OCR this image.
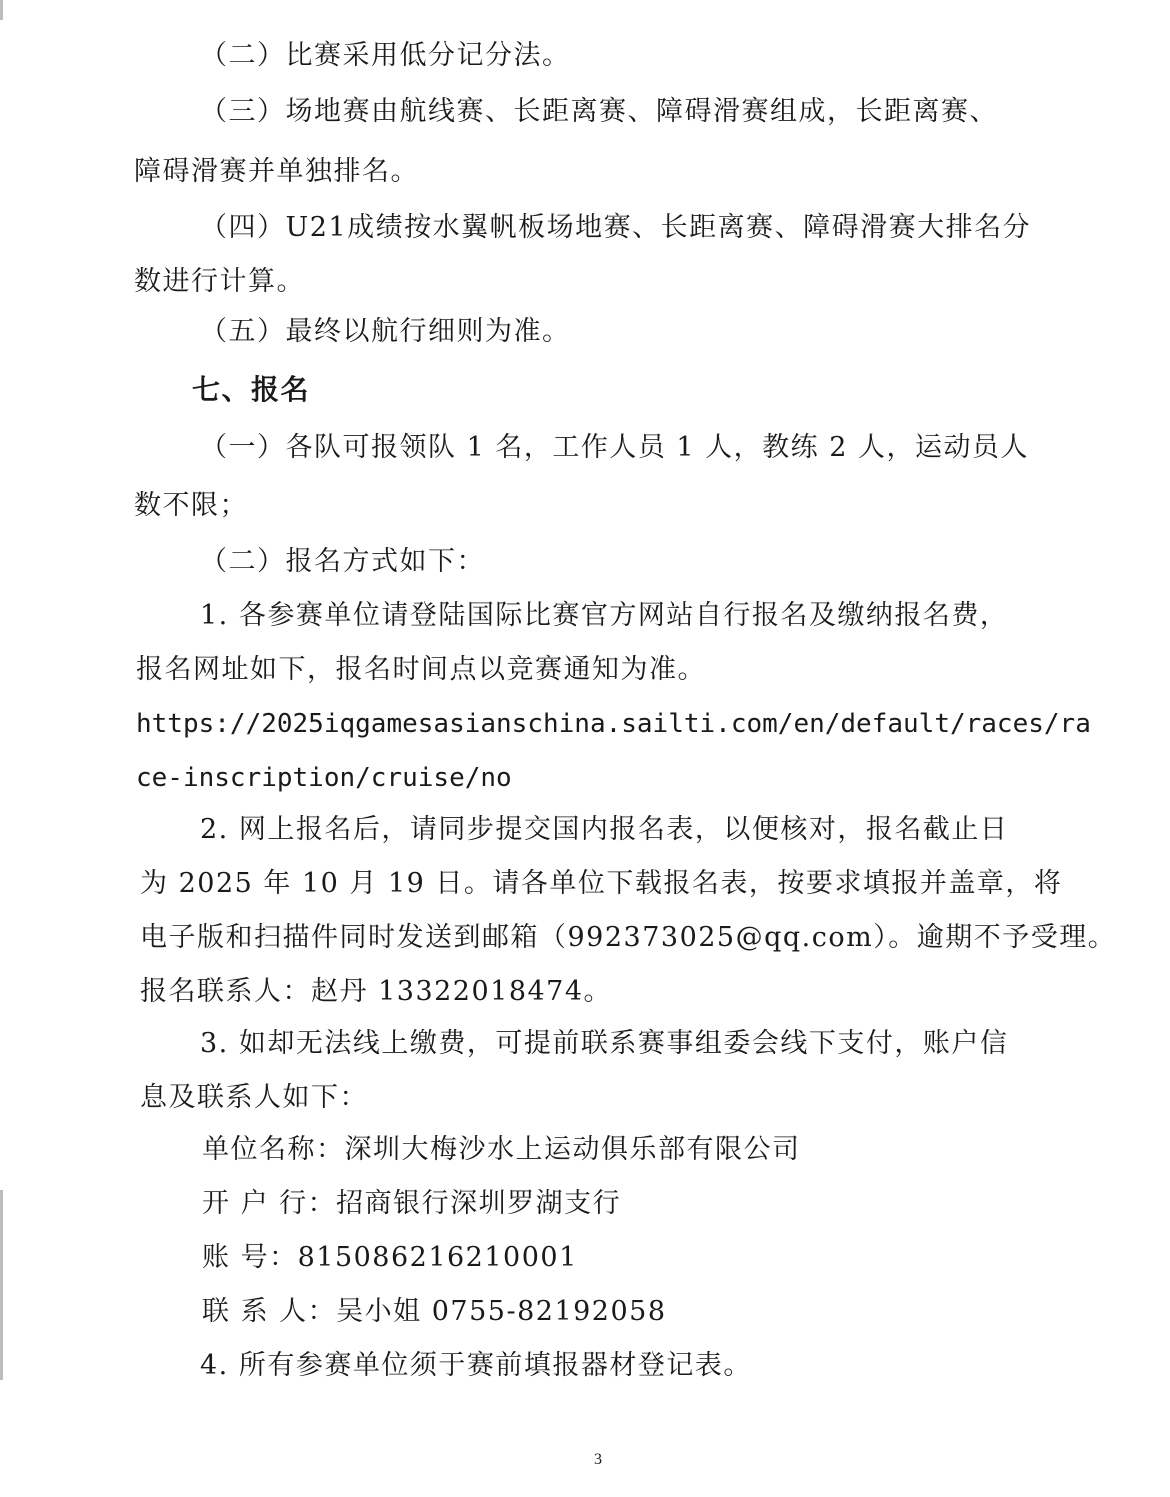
（二）比赛采用低分记分法。
（三）场地赛由航线赛、长距离赛、障碍滑赛组成，长距离赛、
障碍滑赛并单独排名。
（四）U21成绩按水翼帆板场地赛、长距离赛、障碍滑赛大排名分
数进行计算。
（五）最终以航行细则为准。
七、报名
（一）各队可报领队 1 名，工作人员 1 人，教练 2 人，运动员人
数不限；
（二）报名方式如下：
1. 各参赛单位请登陆国际比赛官方网站自行报名及缴纳报名费，
报名网址如下，报名时间点以竞赛通知为准。
https://2025iqgamesasianschina.sailti.com/en/default/races/ra
ce-inscription/cruise/no
2. 网上报名后，请同步提交国内报名表，以便核对，报名截止日
为 2025 年 10 月 19 日。请各单位下载报名表，按要求填报并盖章，将
电子版和扫描件同时发送到邮箱（992373025@qq.com）。逾期不予受理。
报名联系人：赵丹 13322018474。
3. 如却无法线上缴费，可提前联系赛事组委会线下支付，账户信
息及联系人如下：
单位名称：深圳大梅沙水上运动俱乐部有限公司
开 户 行：招商银行深圳罗湖支行
账 号：815086216210001
联 系 人：吴小姐 0755-82192058
4. 所有参赛单位须于赛前填报器材登记表。
3
